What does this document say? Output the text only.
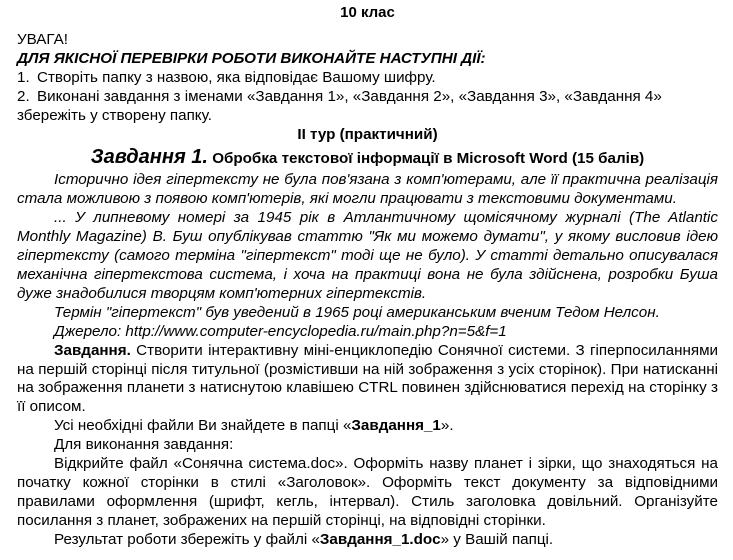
10 клас

УВАГА!

ДЛЯ ЯКІСНОЇ ПЕРЕВІРКИ РОБОТИ ВИКОНАЙТЕ НАСТУПНІ ДІЇ:

1. Створіть папку з назвою, яка відповідає Вашому шифру.

2. Виконані завдання з іменами «Завдання 1», «Завдання 2», «Завдання 3», «Завдання 4»

збережіть у створену папку.

ІІ тур (практичний)

Завдання 1. Обробка текстової інформації в Microsoft Word (15 балів)

Історично ідея гіпертексту не була пов'язана з комп'ютерами, але її практична реалізація стала можливою з появою комп'ютерів, які могли працювати з текстовими документами.

... У липневому номері за 1945 рік в Атлантичному щомісячному журналі (The Atlantic Monthly Magazine) В. Буш опублікував статтю "Як ми можемо думати", у якому висловив ідею гіпертексту (самого терміна "гіпертекст" тоді ще не було). У статті детально описувалася механічна гіпертекстова система, і хоча на практиці вона не була здійснена, розробки Буша дуже знадобилися творцям комп'ютерних гіпертекстів.

Термін "гіпертекст" був уведений в 1965 році американським вченим Тедом Нелсон.

Джерело: http://www.computer-encyclopedia.ru/main.php?n=5&f=1

Завдання. Створити інтерактивну міні-енциклопедію Сонячної системи. З гіперпосиланнями на першій сторінці після титульної (розмістивши на ній зображення з усіх сторінок). При натисканні на зображення планети з натиснутою клавішею CTRL повинен здійснюватися перехід на сторінку з її описом.

Усі необхідні файли Ви знайдете в папці «Завдання_1».

Для виконання завдання:

Відкрийте файл «Сонячна система.doc». Оформіть назву планет і зірки, що знаходяться на початку кожної сторінки в стилі «Заголовок». Оформіть текст документу за відповідними правилами оформлення (шрифт, кегль, інтервал). Стиль заголовка довільний. Організуйте посилання з планет, зображених на першій сторінці, на відповідні сторінки.

Результат роботи збережіть у файлі «Завдання_1.doc» у Вашій папці.
